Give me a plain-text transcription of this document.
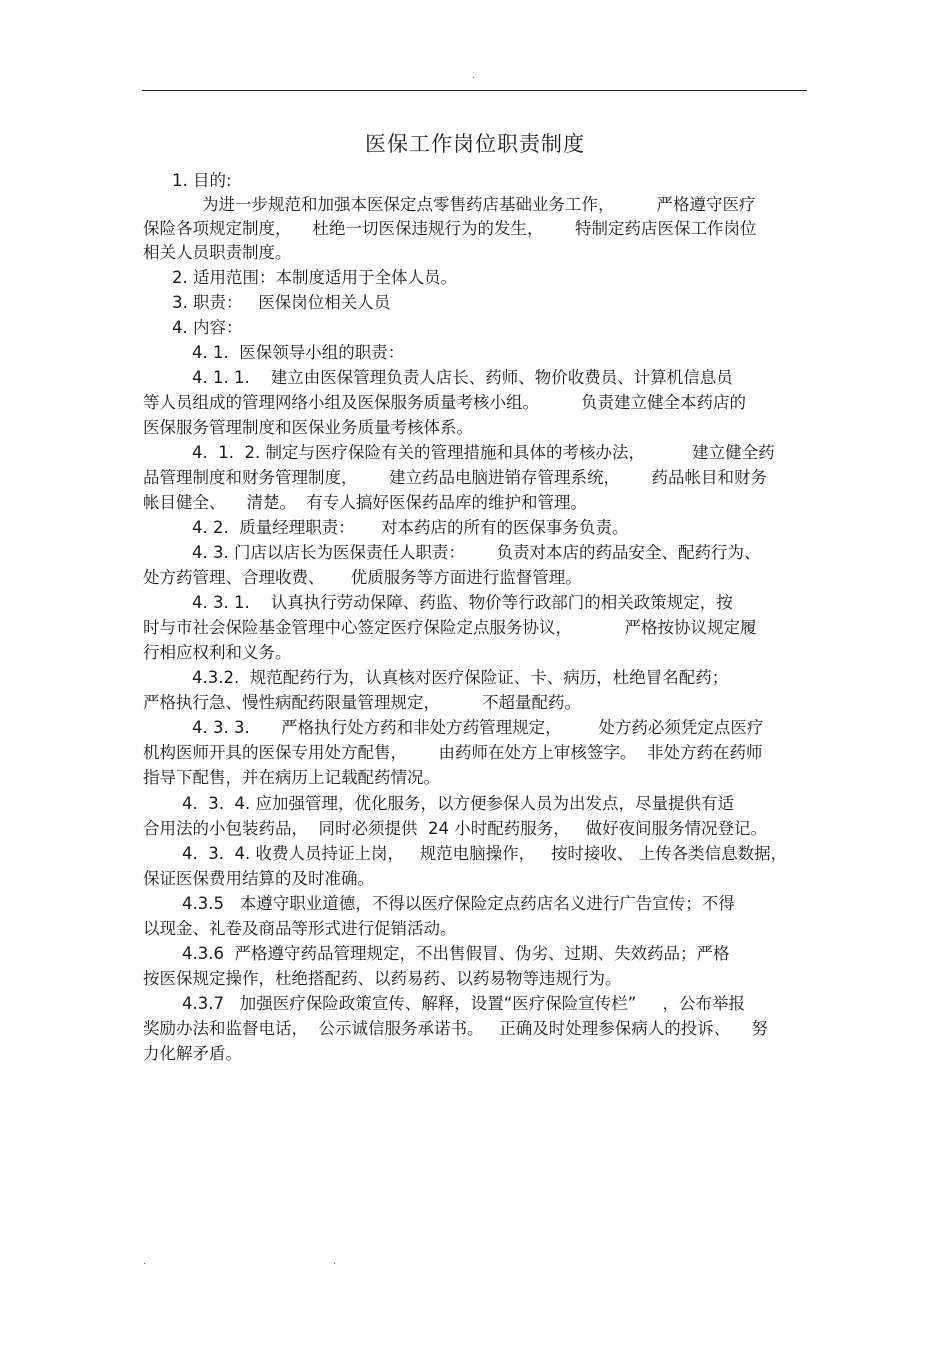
.
医保工作岗位职责制度
1. 目的:
为进一步规范和加强本医保定点零售药店基础业务工作，        严格遵守医疗
保险各项规定制度，    杜绝一切医保违规行为的发生，      特制定药店医保工作岗位
相关人员职责制度。
2. 适用范围：本制度适用于全体人员。
3. 职责：   医保岗位相关人员
4. 内容：
4. 1.  医保领导小组的职责：
4. 1. 1.    建立由医保管理负责人店长、药师、物价收费员、计算机信息员
等人员组成的管理网络小组及医保服务质量考核小组。        负责建立健全本药店的
医保服务管理制度和医保业务质量考核体系。
4.  1.  2. 制定与医疗保险有关的管理措施和具体的考核办法，         建立健全药
品管理制度和财务管理制度，      建立药品电脑进销存管理系统，      药品帐目和财务
帐目健全、    清楚。  有专人搞好医保药品库的维护和管理。
4. 2.  质量经理职责：     对本药店的所有的医保事务负责。
4. 3. 门店以店长为医保责任人职责：      负责对本店的药品安全、配药行为、
处方药管理、合理收费、     优质服务等方面进行监督管理。
4. 3. 1.    认真执行劳动保障、药监、物价等行政部门的相关政策规定，按
时与市社会保险基金管理中心签定医疗保险定点服务协议，          严格按协议规定履
行相应权利和义务。
4.3.2.  规范配药行为，认真核对医疗保险证、卡、病历，杜绝冒名配药；
严格执行急、慢性病配药限量管理规定，        不超量配药。
4. 3. 3.      严格执行处方药和非处方药管理规定，       处方药必须凭定点医疗
机构医师开具的医保专用处方配售，      由药师在处方上审核签字。  非处方药在药师
指导下配售，并在病历上记载配药情况。
4.  3.  4. 应加强管理，优化服务，以方便参保人员为出发点，尽量提供有适
合用法的小包装药品，  同时必须提供  24 小时配药服务，   做好夜间服务情况登记。
4.  3.  4. 收费人员持证上岗，   规范电脑操作，   按时接收、 上传各类信息数据，
保证医保费用结算的及时准确。
4.3.5   本遵守职业道德，不得以医疗保险定点药店名义进行广告宣传；不得
以现金、礼卷及商品等形式进行促销活动。
4.3.6  严格遵守药品管理规定，不出售假冒、伪劣、过期、失效药品；严格
按医保规定操作，杜绝搭配药、以药易药、以药易物等违规行为。
4.3.7   加强医疗保险政策宣传、解释，设置“医疗保险宣传栏”     ，公布举报
奖励办法和监督电话，  公示诚信服务承诺书。   正确及时处理参保病人的投诉、    努
力化解矛盾。
.	.
